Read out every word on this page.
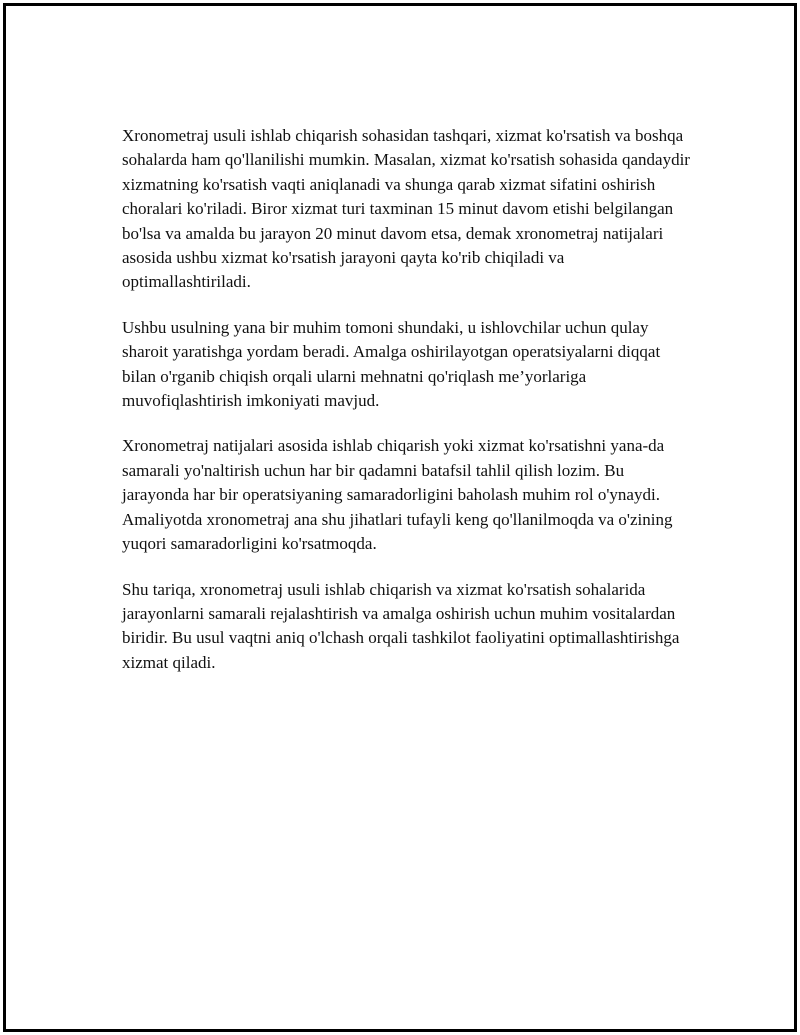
Xronometraj usuli ishlab chiqarish sohasidan tashqari, xizmat ko'rsatish va boshqa sohalarda ham qo'llanilishi mumkin. Masalan, xizmat ko'rsatish sohasida qandaydir xizmatning ko'rsatish vaqti aniqlanadi va shunga qarab xizmat sifatini oshirish choralari ko'riladi. Biror xizmat turi taxminan 15 minut davom etishi belgilangan bo'lsa va amalda bu jarayon 20 minut davom etsa, demak xronometraj natijalari asosida ushbu xizmat ko'rsatish jarayoni qayta ko'rib chiqiladi va optimallashtiriladi.

Ushbu usulning yana bir muhim tomoni shundaki, u ishlovchilar uchun qulay sharoit yaratishga yordam beradi. Amalga oshirilayotgan operatsiyalarni diqqat bilan o'rganib chiqish orqali ularni mehnatni qo'riqlash me’yorlariga muvofiqlashtirish imkoniyati mavjud.

Xronometraj natijalari asosida ishlab chiqarish yoki xizmat ko'rsatishni yana-da samarali yo'naltirish uchun har bir qadamni batafsil tahlil qilish lozim. Bu jarayonda har bir operatsiyaning samaradorligini baholash muhim rol o'ynaydi. Amaliyotda xronometraj ana shu jihatlari tufayli keng qo'llanilmoqda va o'zining yuqori samaradorligini ko'rsatmoqda.

Shu tariqa, xronometraj usuli ishlab chiqarish va xizmat ko'rsatish sohalarida jarayonlarni samarali rejalashtirish va amalga oshirish uchun muhim vositalardan biridir. Bu usul vaqtni aniq o'lchash orqali tashkilot faoliyatini optimallashtirishga xizmat qiladi.
